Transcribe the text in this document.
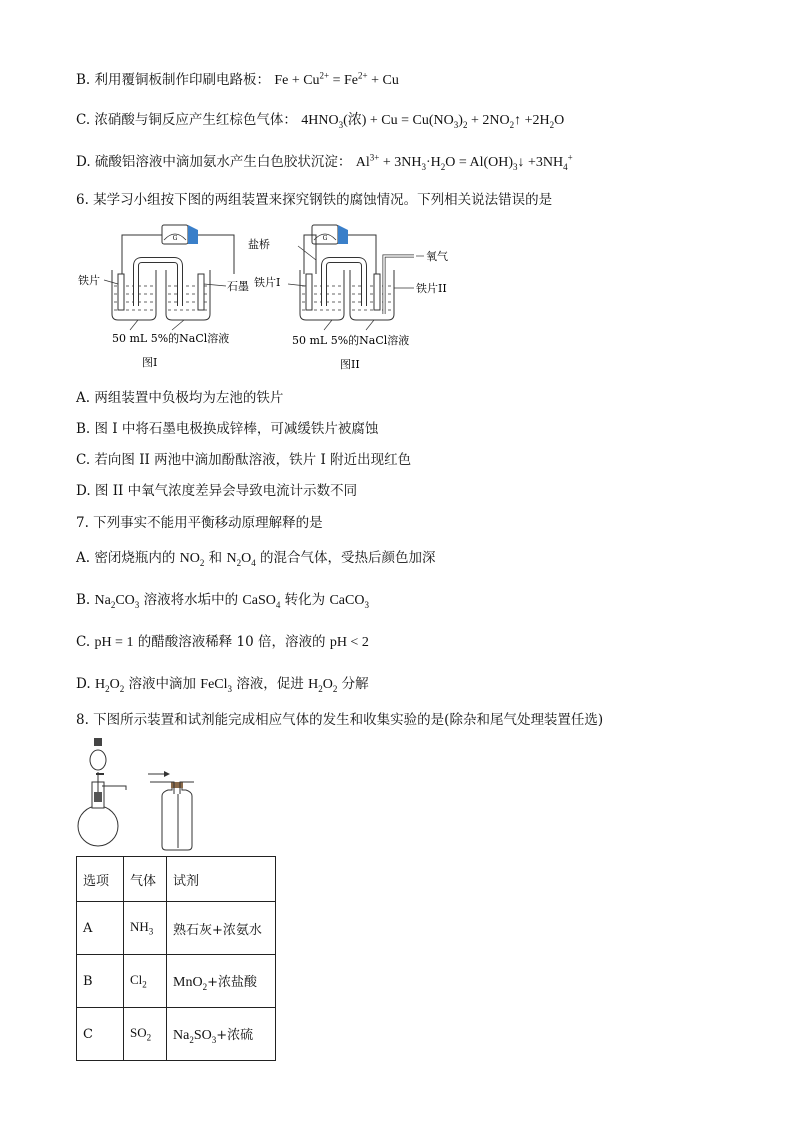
B. 利用覆铜板制作印刷电路板： $Fe + Cu^{2+} = Fe^{2+} + Cu$
C. 浓硝酸与铜反应产生红棕色气体： $4HNO_3$(浓) + $Cu = Cu(NO_3)_2$ + $2NO_2↑ +2H_2O$
D. 硫酸铝溶液中滴加氨水产生白色胶状沉淀： $Al^{3+} + 3NH_3\cdot H_2O$ = $Al(OH)_3↓ +3NH_4^+$
6. 某学习小组按下图的两组装置来探究钢铁的腐蚀情况。下列相关说法错误的是
G
铁片	石墨
50 mL 5%的NaCl溶液
图I
G
盐桥
氧气
铁片I	铁片II
50 mL 5%的NaCl溶液
图II
A. 两组装置中负极均为左池的铁片
B. 图 I 中将石墨电极换成锌棒，可减缓铁片被腐蚀
C. 若向图 II 两池中滴加酚酞溶液，铁片 I 附近出现红色
D. 图 II 中氧气浓度差异会导致电流计示数不同
7. 下列事实不能用平衡移动原理解释的是
A. 密闭烧瓶内的 $NO_2$ 和 $N_2O_4$ 的混合气体，受热后颜色加深
B. $Na_2CO_3$ 溶液将水垢中的 CaSO$_4$ 转化为 CaCO$_3$
C. pH = 1 的醋酸溶液稀释 10 倍，溶液的 pH < 2
D. $H_2O_2$ 溶液中滴加 FeCl$_3$ 溶液，促进 $H_2O_2$ 分解
8. 下图所示装置和试剂能完成相应气体的发生和收集实验的是(除杂和尾气处理装置任选)
选项	气体	试剂
A	$NH_3$	熟石灰+浓氨水
B	$Cl_2$	MnO$_2$+浓盐酸
C	$SO_2$	$Na_2SO_3+$浓硫
